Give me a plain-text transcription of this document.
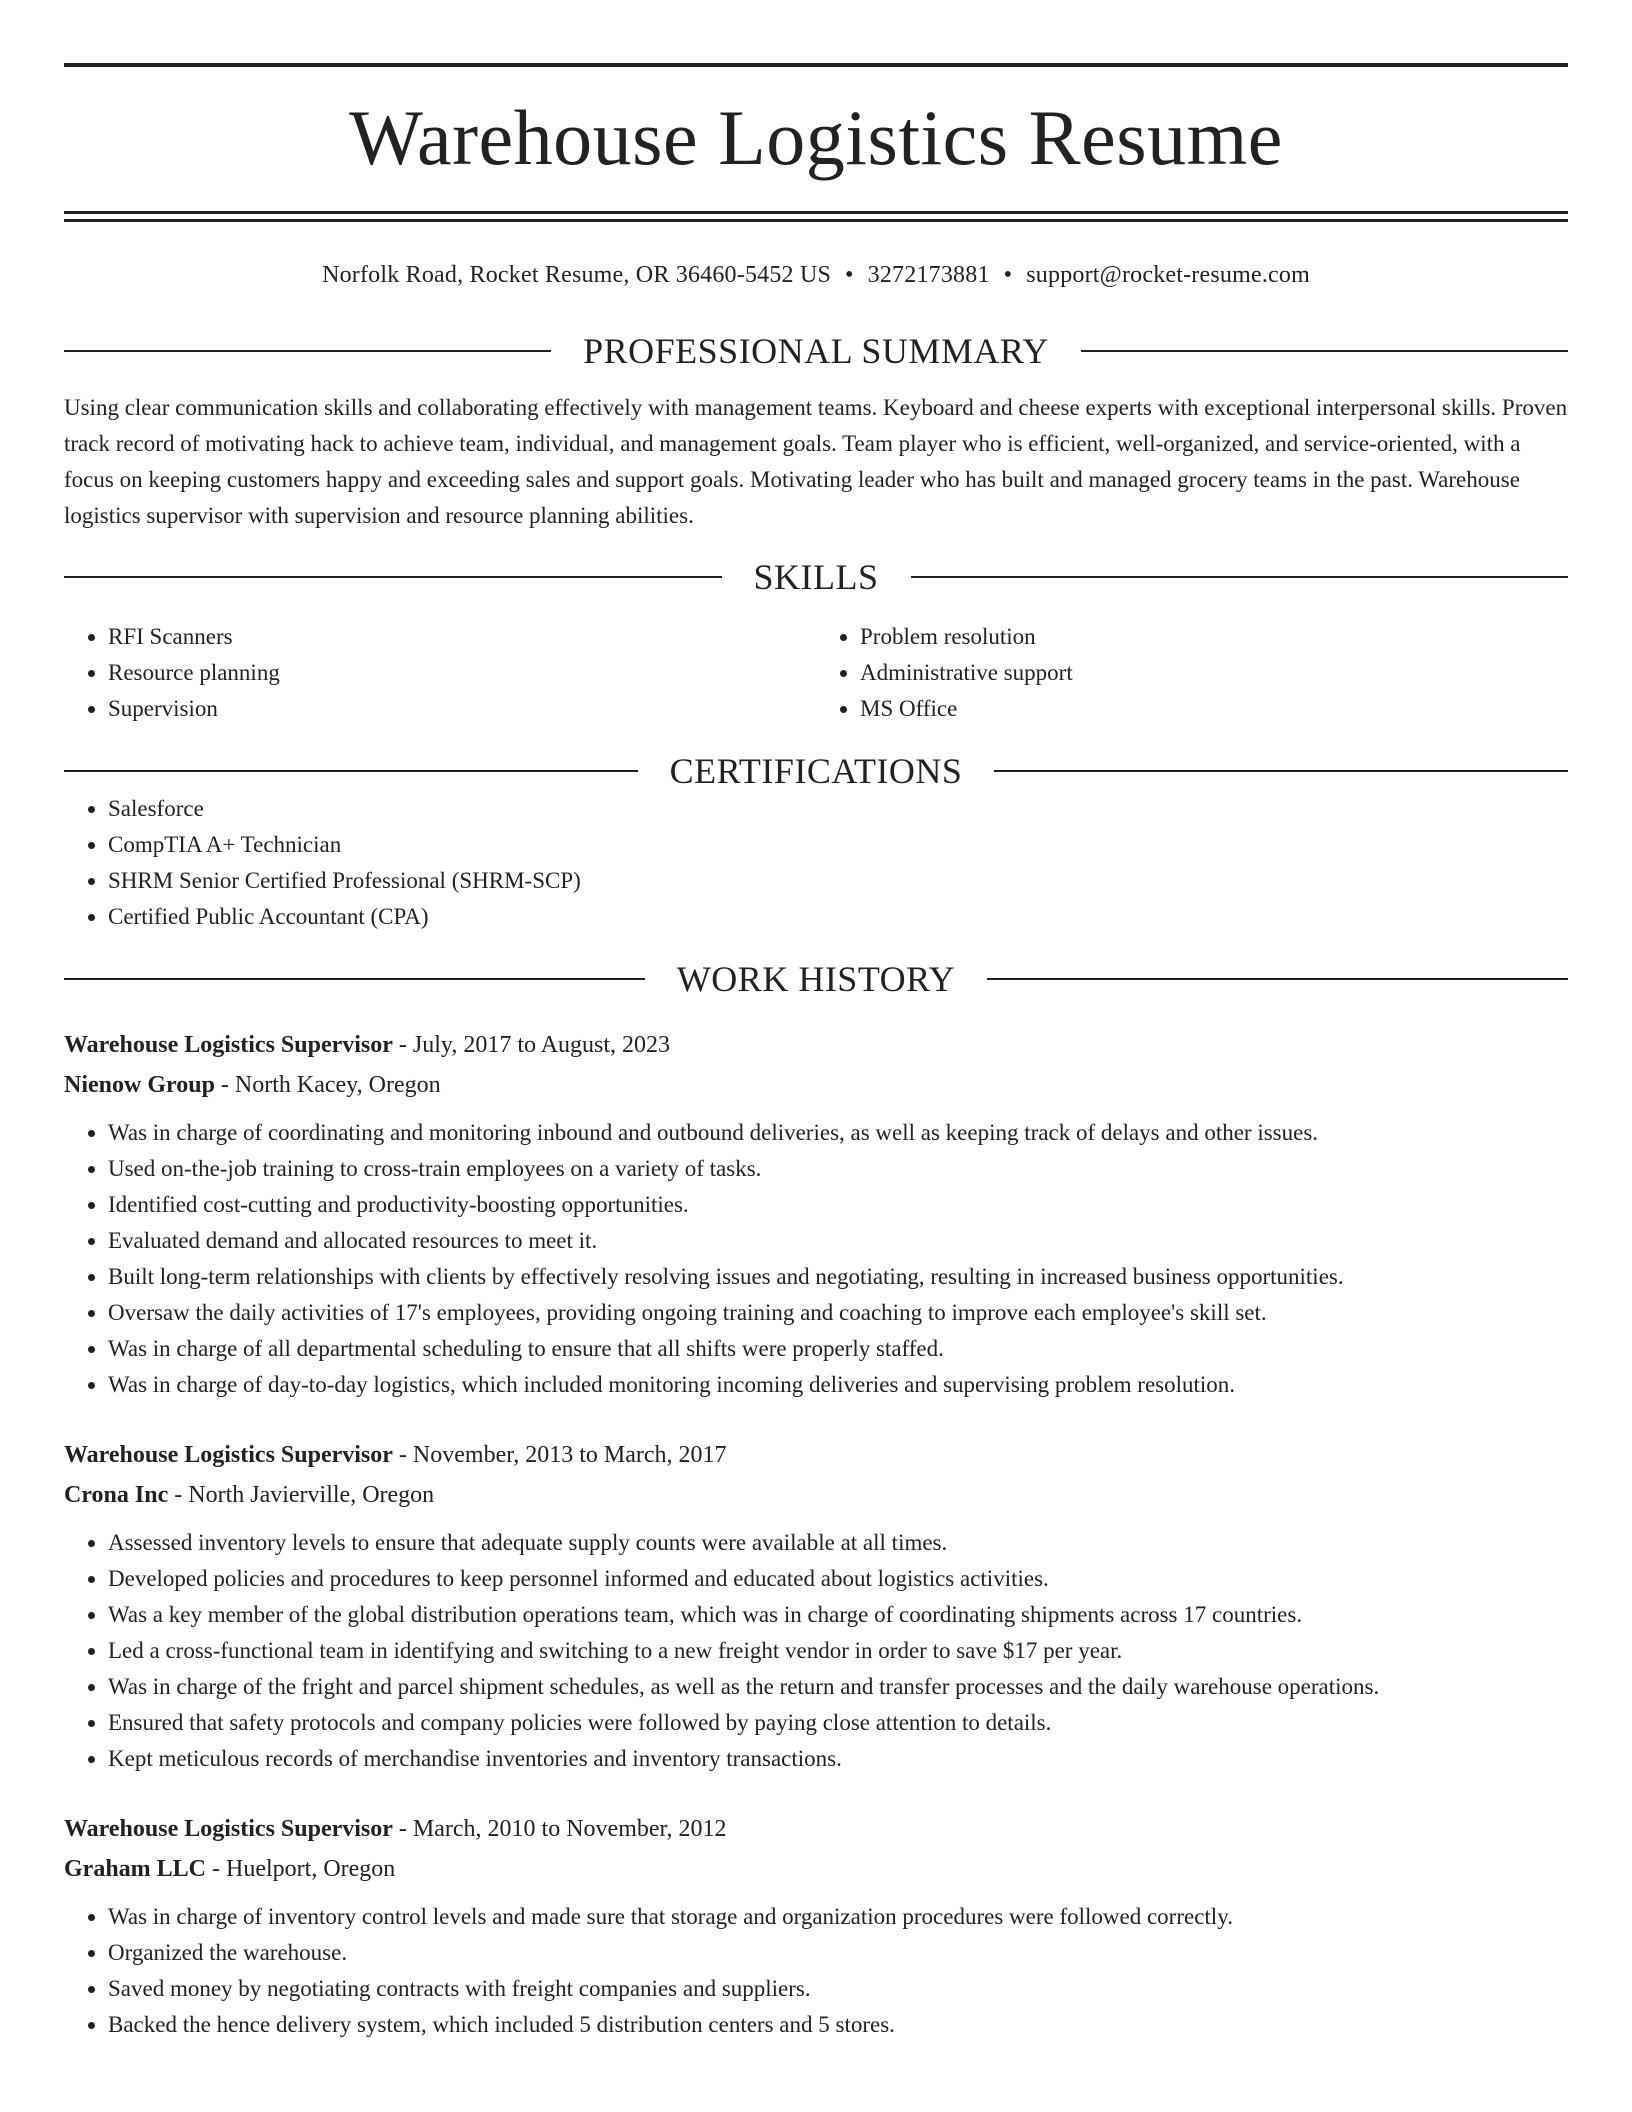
Warehouse Logistics Resume
Norfolk Road, Rocket Resume, OR 36460-5452 US • 3272173881 • support@rocket-resume.com
PROFESSIONAL SUMMARY

Using clear communication skills and collaborating effectively with management teams. Keyboard and cheese experts with exceptional interpersonal skills. Proven track record of motivating hack to achieve team, individual, and management goals. Team player who is efficient, well-organized, and service-oriented, with a focus on keeping customers happy and exceeding sales and support goals. Motivating leader who has built and managed grocery teams in the past. Warehouse logistics supervisor with supervision and resource planning abilities.

SKILLS
• RFI Scanners
• Resource planning
• Supervision
• Problem resolution
• Administrative support
• MS Office
CERTIFICATIONS
• Salesforce
• CompTIA A+ Technician
• SHRM Senior Certified Professional (SHRM-SCP)
• Certified Public Accountant (CPA)
WORK HISTORY
Warehouse Logistics Supervisor - July, 2017 to August, 2023
Nienow Group - North Kacey, Oregon
• Was in charge of coordinating and monitoring inbound and outbound deliveries, as well as keeping track of delays and other issues.
• Used on-the-job training to cross-train employees on a variety of tasks.
• Identified cost-cutting and productivity-boosting opportunities.
• Evaluated demand and allocated resources to meet it.
• Built long-term relationships with clients by effectively resolving issues and negotiating, resulting in increased business opportunities.
• Oversaw the daily activities of 17's employees, providing ongoing training and coaching to improve each employee's skill set.
• Was in charge of all departmental scheduling to ensure that all shifts were properly staffed.
• Was in charge of day-to-day logistics, which included monitoring incoming deliveries and supervising problem resolution.
Warehouse Logistics Supervisor - November, 2013 to March, 2017
Crona Inc - North Javierville, Oregon
• Assessed inventory levels to ensure that adequate supply counts were available at all times.
• Developed policies and procedures to keep personnel informed and educated about logistics activities.
• Was a key member of the global distribution operations team, which was in charge of coordinating shipments across 17 countries.
• Led a cross-functional team in identifying and switching to a new freight vendor in order to save $17 per year.
• Was in charge of the fright and parcel shipment schedules, as well as the return and transfer processes and the daily warehouse operations.
• Ensured that safety protocols and company policies were followed by paying close attention to details.
• Kept meticulous records of merchandise inventories and inventory transactions.
Warehouse Logistics Supervisor - March, 2010 to November, 2012
Graham LLC - Huelport, Oregon
• Was in charge of inventory control levels and made sure that storage and organization procedures were followed correctly.
• Organized the warehouse.
• Saved money by negotiating contracts with freight companies and suppliers.
• Backed the hence delivery system, which included 5 distribution centers and 5 stores.
